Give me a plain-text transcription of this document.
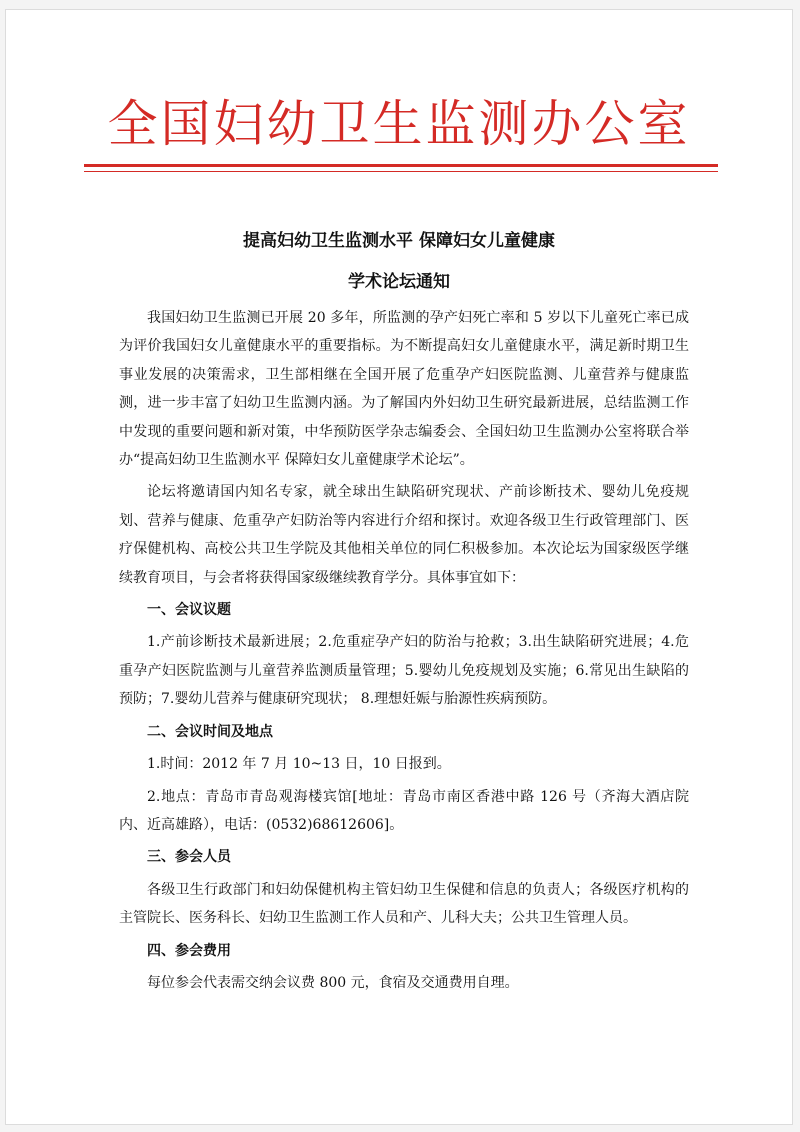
全国妇幼卫生监测办公室
提高妇幼卫生监测水平 保障妇女儿童健康
学术论坛通知

我国妇幼卫生监测已开展 20 多年，所监测的孕产妇死亡率和 5 岁以下儿童死亡率已成为评价我国妇女儿童健康水平的重要指标。为不断提高妇女儿童健康水平，满足新时期卫生事业发展的决策需求，卫生部相继在全国开展了危重孕产妇医院监测、儿童营养与健康监测，进一步丰富了妇幼卫生监测内涵。为了解国内外妇幼卫生研究最新进展，总结监测工作中发现的重要问题和新对策，中华预防医学杂志编委会、全国妇幼卫生监测办公室将联合举办“提高妇幼卫生监测水平 保障妇女儿童健康学术论坛”。

论坛将邀请国内知名专家，就全球出生缺陷研究现状、产前诊断技术、婴幼儿免疫规划、营养与健康、危重孕产妇防治等内容进行介绍和探讨。欢迎各级卫生行政管理部门、医疗保健机构、高校公共卫生学院及其他相关单位的同仁积极参加。本次论坛为国家级医学继续教育项目，与会者将获得国家级继续教育学分。具体事宜如下：

一、会议议题

1.产前诊断技术最新进展；2.危重症孕产妇的防治与抢救；3.出生缺陷研究进展；4.危重孕产妇医院监测与儿童营养监测质量管理；5.婴幼儿免疫规划及实施；6.常见出生缺陷的预防；7.婴幼儿营养与健康研究现状； 8.理想妊娠与胎源性疾病预防。

二、会议时间及地点

1.时间：2012 年 7 月 10~13 日，10 日报到。

2.地点：青岛市青岛观海楼宾馆[地址：青岛市南区香港中路 126 号（齐海大酒店院内、近高雄路），电话：(0532)68612606]。

三、参会人员

各级卫生行政部门和妇幼保健机构主管妇幼卫生保健和信息的负责人；各级医疗机构的主管院长、医务科长、妇幼卫生监测工作人员和产、儿科大夫；公共卫生管理人员。

四、参会费用

每位参会代表需交纳会议费 800 元，食宿及交通费用自理。
